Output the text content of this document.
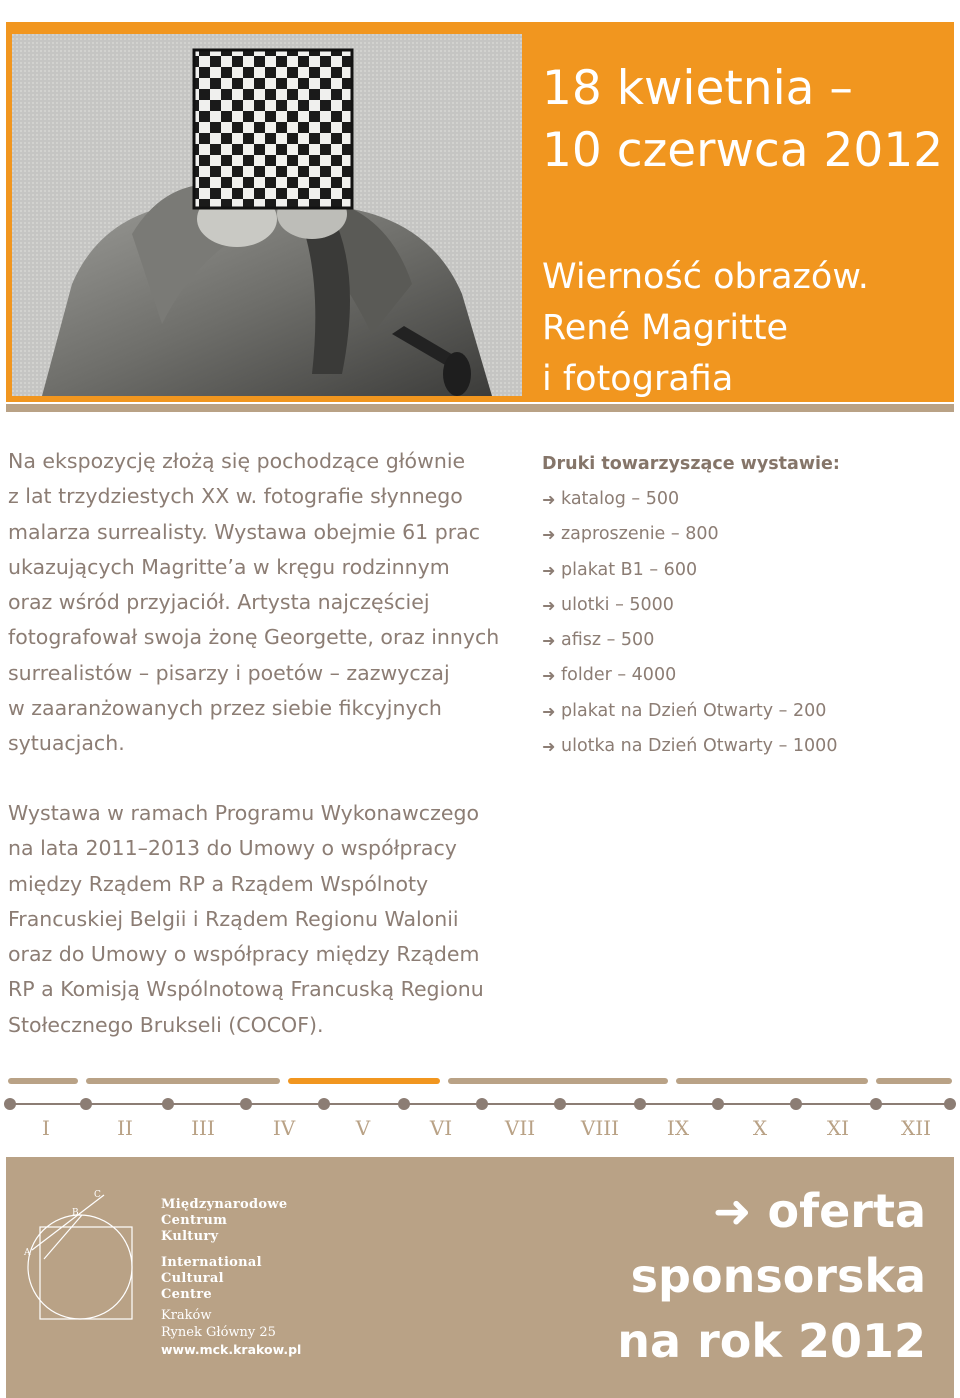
18 kwietnia –
10 czerwca 2012
Wierność obrazów.
René Magritte
i fotografia
Na ekspozycję złożą się pochodzące głównie
z lat trzydziestych XX w. fotografie słynnego
malarza surrealisty. Wystawa obejmie 61 prac
ukazujących Magritte’a w kręgu rodzinnym
oraz wśród przyjaciół. Artysta najczęściej
fotografował swoja żonę Georgette, oraz innych
surrealistów – pisarzy i poetów – zazwyczaj
w zaaranżowanych przez siebie fikcyjnych
sytuacjach.
Druki towarzyszące wystawie:
➜ katalog – 500
➜ zaproszenie – 800
➜ plakat B1 – 600
➜ ulotki – 5000
➜ afisz – 500
➜ folder – 4000
➜ plakat na Dzień Otwarty – 200
➜ ulotka na Dzień Otwarty – 1000
Wystawa w ramach Programu Wykonawczego
na lata 2011–2013 do Umowy o współpracy
między Rządem RP a Rządem Wspólnoty
Francuskiej Belgii i Rządem Regionu Walonii
oraz do Umowy o współpracy między Rządem
RP a Komisją Wspólnotową Francuską Regionu
Stołecznego Brukseli (COCOF).
I	II	III	IV	V	VI	VII	VIII	IX	X	XI	XII
A
B
C
Międzynarodowe
Centrum
Kultury
International
Cultural
Centre
Kraków
Rynek Główny 25
www.mck.krakow.pl
➜ oferta
sponsorska
na rok 2012
